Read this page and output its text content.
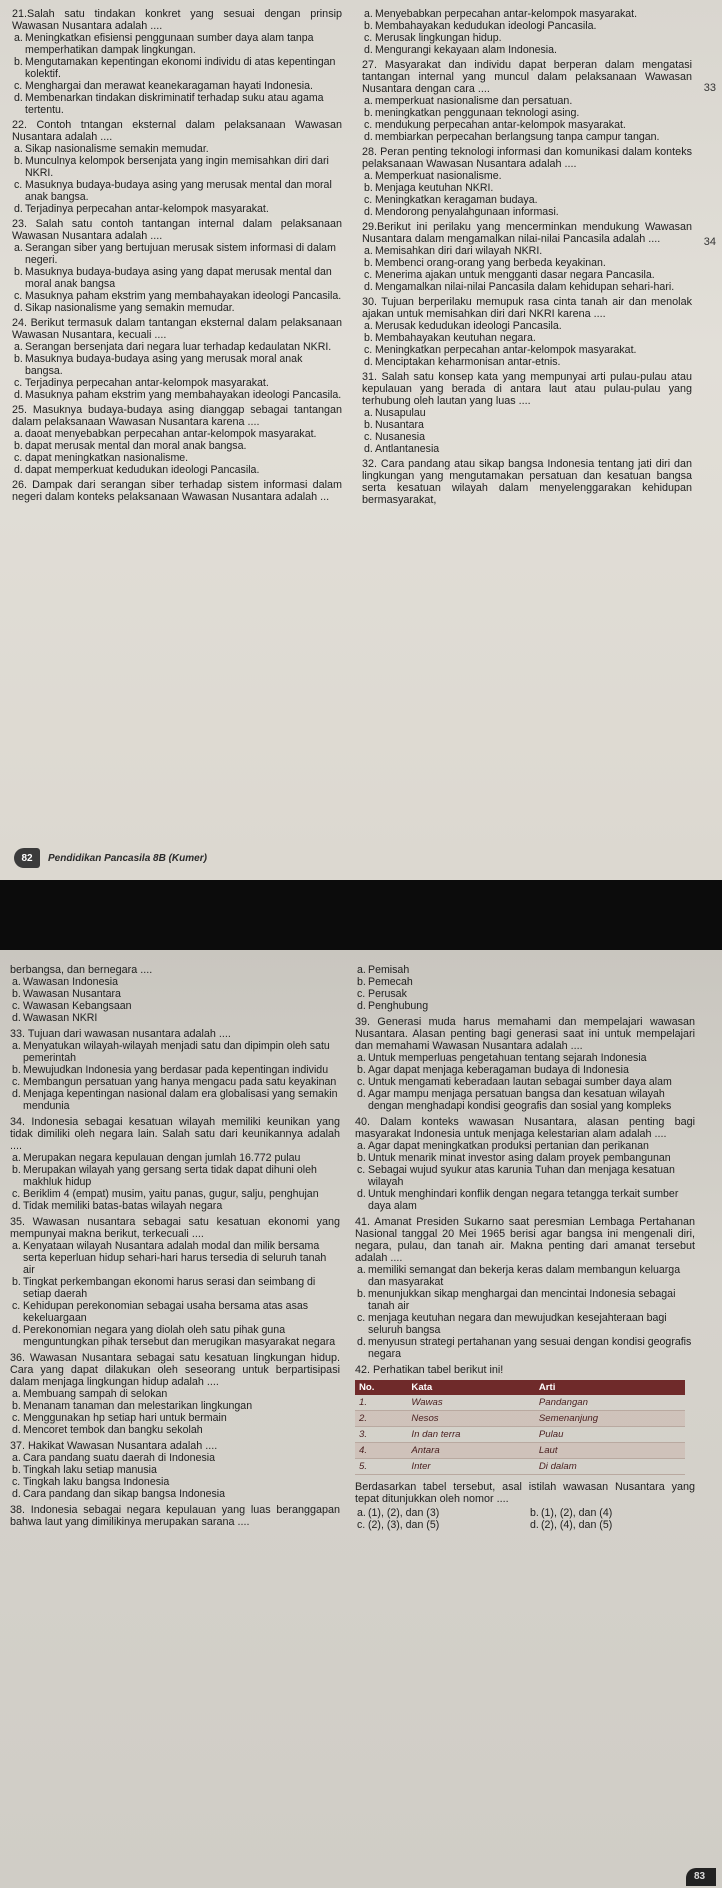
21.Salah satu tindakan konkret yang sesuai dengan prinsip Wawasan Nusantara adalah ....
a. Meningkatkan efisiensi penggunaan sumber daya alam tanpa memperhatikan dampak lingkungan.
b. Mengutamakan kepentingan ekonomi individu di atas kepentingan kolektif.
c. Menghargai dan merawat keanekaragaman hayati Indonesia.
d. Membenarkan tindakan diskriminatif terhadap suku atau agama tertentu.
22. Contoh tntangan eksternal dalam pelaksanaan Wawasan Nusantara adalah ....
a. Sikap nasionalisme semakin memudar.
b. Munculnya kelompok bersenjata yang ingin memisahkan diri dari NKRI.
c. Masuknya budaya-budaya asing yang merusak mental dan moral anak bangsa.
d. Terjadinya perpecahan antar-kelompok masyarakat.
23. Salah satu contoh tantangan internal dalam pelaksanaan Wawasan Nusantara adalah ....
a. Serangan siber yang bertujuan merusak sistem informasi di dalam negeri.
b. Masuknya budaya-budaya asing yang dapat merusak mental dan moral anak bangsa
c. Masuknya paham ekstrim yang membahayakan ideologi Pancasila.
d. Sikap nasionalisme yang semakin memudar.
24. Berikut termasuk dalam tantangan eksternal dalam pelaksanaan Wawasan Nusantara, kecuali ....
a. Serangan bersenjata dari negara luar terhadap kedaulatan NKRI.
b. Masuknya budaya-budaya asing yang merusak moral anak bangsa.
c. Terjadinya perpecahan antar-kelompok masyarakat.
d. Masuknya paham ekstrim yang membahayakan ideologi Pancasila.
25. Masuknya budaya-budaya asing dianggap sebagai tantangan dalam pelaksanaan Wawasan Nusantara karena ....
a. daoat menyebabkan perpecahan antar-kelompok masyarakat.
b. dapat merusak mental dan moral anak bangsa.
c. dapat meningkatkan nasionalisme.
d. dapat memperkuat kedudukan ideologi Pancasila.
26. Dampak dari serangan siber terhadap sistem informasi dalam negeri dalam konteks pelaksanaan Wawasan Nusantara adalah ...
a. Menyebabkan perpecahan antar-kelompok masyarakat.
b. Membahayakan kedudukan ideologi Pancasila.
c. Merusak lingkungan hidup.
d. Mengurangi kekayaan alam Indonesia.
27. Masyarakat dan individu dapat berperan dalam mengatasi tantangan internal yang muncul dalam pelaksanaan Wawasan Nusantara dengan cara ....
a. memperkuat nasionalisme dan persatuan.
b. meningkatkan penggunaan teknologi asing.
c. mendukung perpecahan antar-kelompok masyarakat.
d. membiarkan perpecahan berlangsung tanpa campur tangan.
28. Peran penting teknologi informasi dan komunikasi dalam konteks pelaksanaan Wawasan Nusantara adalah ....
a. Memperkuat nasionalisme.
b. Menjaga keutuhan NKRI.
c. Meningkatkan keragaman budaya.
d. Mendorong penyalahgunaan informasi.
29.Berikut ini perilaku yang mencerminkan mendukung Wawasan Nusantara dalam mengamalkan nilai-nilai Pancasila adalah ....
a. Memisahkan diri dari wilayah NKRI.
b. Membenci orang-orang yang berbeda keyakinan.
c. Menerima ajakan untuk mengganti dasar negara Pancasila.
d. Mengamalkan nilai-nilai Pancasila dalam kehidupan sehari-hari.
30. Tujuan berperilaku memupuk rasa cinta tanah air dan menolak ajakan untuk memisahkan diri dari NKRI karena ....
a. Merusak kedudukan ideologi Pancasila.
b. Membahayakan keutuhan negara.
c. Meningkatkan perpecahan antar-kelompok masyarakat.
d. Menciptakan keharmonisan antar-etnis.
31. Salah satu konsep kata yang mempunyai arti pulau-pulau atau kepulauan yang berada di antara laut atau pulau-pulau yang terhubung oleh lautan yang luas ....
a. Nusapulau
b. Nusantara
c. Nusanesia
d. Antlantanesia
32. Cara pandang atau sikap bangsa Indonesia tentang jati diri dan lingkungan yang mengutamakan persatuan dan kesatuan bangsa serta kesatuan wilayah dalam menyelenggarakan kehidupan bermasyarakat,
33
34
82	Pendidikan Pancasila 8B (Kumer)
berbangsa, dan bernegara ....
a. Wawasan Indonesia
b. Wawasan Nusantara
c. Wawasan Kebangsaan
d. Wawasan NKRI
33. Tujuan dari wawasan nusantara adalah ....
a. Menyatukan wilayah-wilayah menjadi satu dan dipimpin oleh satu pemerintah
b. Mewujudkan Indonesia yang berdasar pada kepentingan individu
c. Membangun persatuan yang hanya mengacu pada satu keyakinan
d. Menjaga kepentingan nasional dalam era globalisasi yang semakin mendunia
34. Indonesia sebagai kesatuan wilayah memiliki keunikan yang tidak dimiliki oleh negara lain. Salah satu dari keunikannya adalah ....
a. Merupakan negara kepulauan dengan jumlah 16.772 pulau
b. Merupakan wilayah yang gersang serta tidak dapat dihuni oleh makhluk hidup
c. Beriklim 4 (empat) musim, yaitu panas, gugur, salju, penghujan
d. Tidak memiliki batas-batas wilayah negara
35. Wawasan nusantara sebagai satu kesatuan ekonomi yang mempunyai makna berikut, terkecuali ....
a. Kenyataan wilayah Nusantara adalah modal dan milik bersama serta keperluan hidup sehari-hari harus tersedia di seluruh tanah air
b. Tingkat perkembangan ekonomi harus serasi dan seimbang di setiap daerah
c. Kehidupan perekonomian sebagai usaha bersama atas asas kekeluargaan
d. Perekonomian negara yang diolah oleh satu pihak guna menguntungkan pihak tersebut dan merugikan masyarakat negara
36. Wawasan Nusantara sebagai satu kesatuan lingkungan hidup. Cara yang dapat dilakukan oleh seseorang untuk berpartisipasi dalam menjaga lingkungan hidup adalah ....
a. Membuang sampah di selokan
b. Menanam tanaman dan melestarikan lingkungan
c. Menggunakan hp setiap hari untuk bermain
d. Mencoret tembok dan bangku sekolah
37. Hakikat Wawasan Nusantara adalah ....
a. Cara pandang suatu daerah di Indonesia
b. Tingkah laku setiap manusia
c. Tingkah laku bangsa Indonesia
d. Cara pandang dan sikap bangsa Indonesia
38. Indonesia sebagai negara kepulauan yang luas beranggapan bahwa laut yang dimilikinya merupakan sarana ....
a. Pemisah
b. Pemecah
c. Perusak
d. Penghubung
39. Generasi muda harus memahami dan mempelajari wawasan Nusantara. Alasan penting bagi generasi saat ini untuk mempelajari dan memahami Wawasan Nusantara adalah ....
a. Untuk memperluas pengetahuan tentang sejarah Indonesia
b. Agar dapat menjaga keberagaman budaya di Indonesia
c. Untuk mengamati keberadaan lautan sebagai sumber daya alam
d. Agar mampu menjaga persatuan bangsa dan kesatuan wilayah dengan menghadapi kondisi geografis dan sosial yang kompleks
40. Dalam konteks wawasan Nusantara, alasan penting bagi masyarakat Indonesia untuk menjaga kelestarian alam adalah ....
a. Agar dapat meningkatkan produksi pertanian dan perikanan
b. Untuk menarik minat investor asing dalam proyek pembangunan
c. Sebagai wujud syukur atas karunia Tuhan dan menjaga kesatuan wilayah
d. Untuk menghindari konflik dengan negara tetangga terkait sumber daya alam
41. Amanat Presiden Sukarno saat peresmian Lembaga Pertahanan Nasional tanggal 20 Mei 1965 berisi agar bangsa ini mengenali diri, negara, pulau, dan tanah air. Makna penting dari amanat tersebut adalah ....
a. memiliki semangat dan bekerja keras dalam membangun keluarga dan masyarakat
b. menunjukkan sikap menghargai dan mencintai Indonesia sebagai tanah air
c. menjaga keutuhan negara dan mewujudkan kesejahteraan bagi seluruh bangsa
d. menyusun strategi pertahanan yang sesuai dengan kondisi geografis negara
42. Perhatikan tabel berikut ini!
No.	Kata	Arti
1.	Wawas	Pandangan
2.	Nesos	Semenanjung
3.	In dan terra	Pulau
4.	Antara	Laut
5.	Inter	Di dalam
Berdasarkan tabel tersebut, asal istilah wawasan Nusantara yang tepat ditunjukkan oleh nomor ....
a. (1), (2), dan (3)	b. (1), (2), dan (4)
c. (2), (3), dan (5)	d. (2), (4), dan (5)
83
